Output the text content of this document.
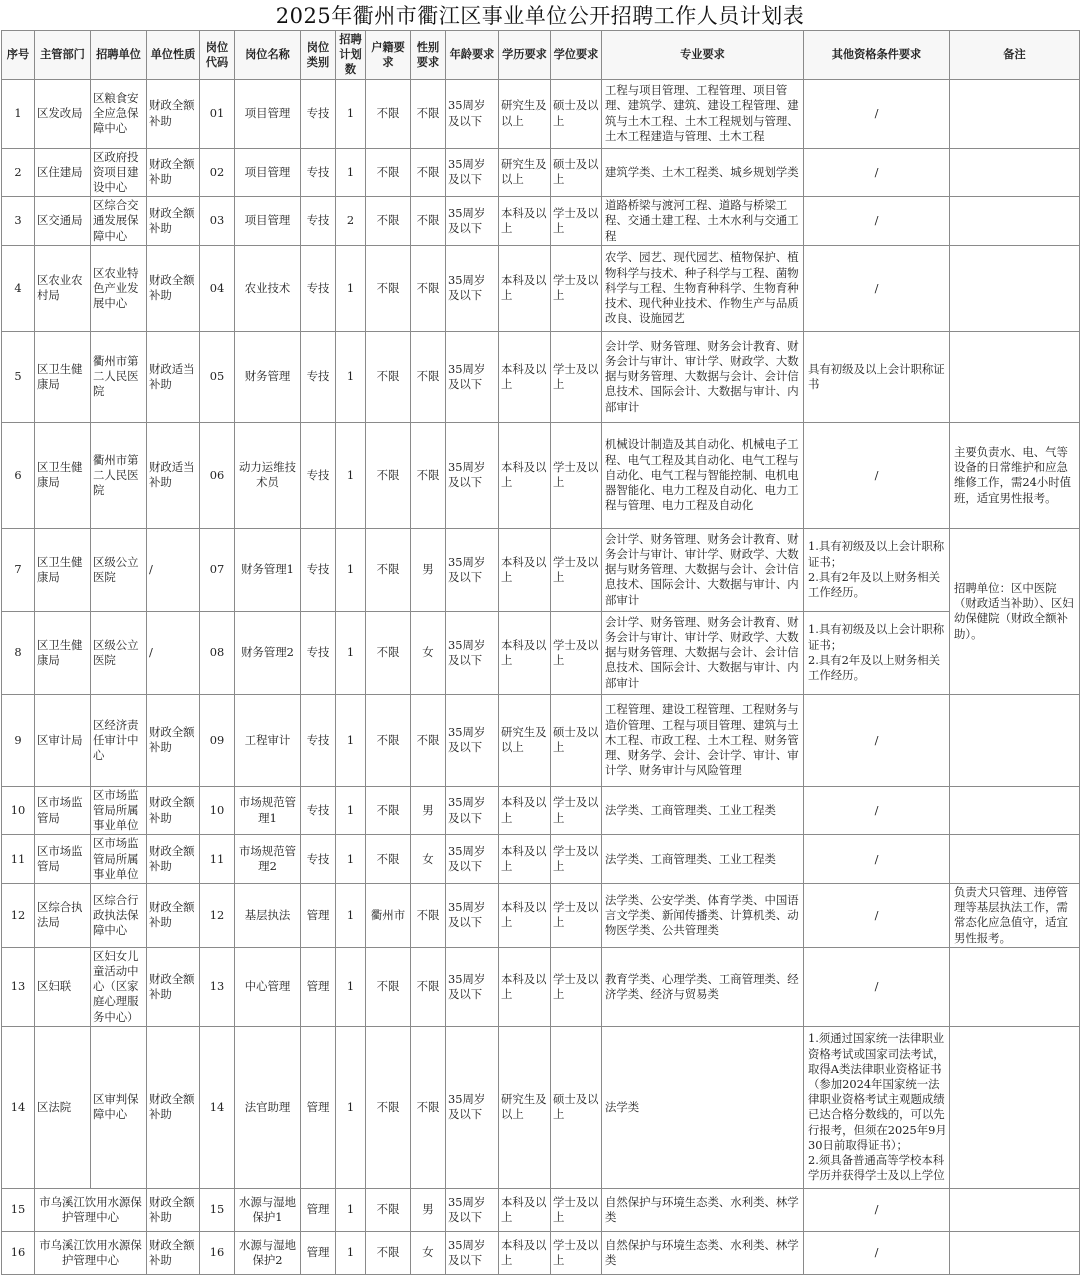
2025年衢州市衢江区事业单位公开招聘工作人员计划表
序号	主管部门	招聘单位	单位性质	岗位代码	岗位名称	岗位类别	招聘计划数	户籍要求	性别要求	年龄要求	学历要求	学位要求	专业要求	其他资格条件要求	备注
1	区发改局	区粮食安全应急保障中心	财政全额补助	01	项目管理	专技	1	不限	不限	35周岁及以下	研究生及以上	硕士及以上	工程与项目管理、工程管理、项目管理、建筑学、建筑、建设工程管理、建筑与土木工程、土木工程规划与管理、土木工程建造与管理、土木工程	/	
2	区住建局	区政府投资项目建设中心	财政全额补助	02	项目管理	专技	1	不限	不限	35周岁及以下	研究生及以上	硕士及以上	建筑学类、土木工程类、城乡规划学类	/	
3	区交通局	区综合交通发展保障中心	财政全额补助	03	项目管理	专技	2	不限	不限	35周岁及以下	本科及以上	学士及以上	道路桥梁与渡河工程、道路与桥梁工程、交通土建工程、土木水利与交通工程	/	
4	区农业农村局	区农业特色产业发展中心	财政全额补助	04	农业技术	专技	1	不限	不限	35周岁及以下	本科及以上	学士及以上	农学、园艺、现代园艺、植物保护、植物科学与技术、种子科学与工程、菌物科学与工程、生物育种科学、生物育种技术、现代种业技术、作物生产与品质改良、设施园艺	/	
5	区卫生健康局	衢州市第二人民医院	财政适当补助	05	财务管理	专技	1	不限	不限	35周岁及以下	本科及以上	学士及以上	会计学、财务管理、财务会计教育、财务会计与审计、审计学、财政学、大数据与财务管理、大数据与会计、会计信息技术、国际会计、大数据与审计、内部审计	具有初级及以上会计职称证书	
6	区卫生健康局	衢州市第二人民医院	财政适当补助	06	动力运维技术员	专技	1	不限	不限	35周岁及以下	本科及以上	学士及以上	机械设计制造及其自动化、机械电子工程、电气工程及其自动化、电气工程与自动化、电气工程与智能控制、电机电器智能化、电力工程及自动化、电力工程与管理、电力工程及自动化	/	主要负责水、电、气等设备的日常维护和应急维修工作，需24小时值班，适宜男性报考。
7	区卫生健康局	区级公立医院	/	07	财务管理1	专技	1	不限	男	35周岁及以下	本科及以上	学士及以上	会计学、财务管理、财务会计教育、财务会计与审计、审计学、财政学、大数据与财务管理、大数据与会计、会计信息技术、国际会计、大数据与审计、内部审计	1.具有初级及以上会计职称证书；
2.具有2年及以上财务相关工作经历。	招聘单位：区中医院（财政适当补助）、区妇幼保健院（财政全额补助）。
8	区卫生健康局	区级公立医院	/	08	财务管理2	专技	1	不限	女	35周岁及以下	本科及以上	学士及以上	会计学、财务管理、财务会计教育、财务会计与审计、审计学、财政学、大数据与财务管理、大数据与会计、会计信息技术、国际会计、大数据与审计、内部审计	1.具有初级及以上会计职称证书；
2.具有2年及以上财务相关工作经历。	
9	区审计局	区经济责任审计中心	财政全额补助	09	工程审计	专技	1	不限	不限	35周岁及以下	研究生及以上	硕士及以上	工程管理、建设工程管理、工程财务与造价管理、工程与项目管理、建筑与土木工程、市政工程、土木工程、财务管理、财务学、会计、会计学、审计、审计学、财务审计与风险管理	/	
10	区市场监管局	区市场监管局所属事业单位	财政全额补助	10	市场规范管理1	专技	1	不限	男	35周岁及以下	本科及以上	学士及以上	法学类、工商管理类、工业工程类	/	
11	区市场监管局	区市场监管局所属事业单位	财政全额补助	11	市场规范管理2	专技	1	不限	女	35周岁及以下	本科及以上	学士及以上	法学类、工商管理类、工业工程类	/	
12	区综合执法局	区综合行政执法保障中心	财政全额补助	12	基层执法	管理	1	衢州市	不限	35周岁及以下	本科及以上	学士及以上	法学类、公安学类、体育学类、中国语言文学类、新闻传播类、计算机类、动物医学类、公共管理类	/	负责犬只管理、违停管理等基层执法工作，需常态化应急值守，适宜男性报考。
13	区妇联	区妇女儿童活动中心（区家庭心理服务中心）	财政全额补助	13	中心管理	管理	1	不限	不限	35周岁及以下	本科及以上	学士及以上	教育学类、心理学类、工商管理类、经济学类、经济与贸易类	/	
14	区法院	区审判保障中心	财政全额补助	14	法官助理	管理	1	不限	不限	35周岁及以下	研究生及以上	硕士及以上	法学类	1.须通过国家统一法律职业资格考试或国家司法考试，取得A类法律职业资格证书（参加2024年国家统一法律职业资格考试主观题成绩已达合格分数线的，可以先行报考，但须在2025年9月30日前取得证书）；
2.须具备普通高等学校本科学历并获得学士及以上学位	
15	市乌溪江饮用水源保护管理中心		财政全额补助	15	水源与湿地保护1	管理	1	不限	男	35周岁及以下	本科及以上	学士及以上	自然保护与环境生态类、水利类、林学类	/	
16	市乌溪江饮用水源保护管理中心		财政全额补助	16	水源与湿地保护2	管理	1	不限	女	35周岁及以下	本科及以上	学士及以上	自然保护与环境生态类、水利类、林学类	/	
